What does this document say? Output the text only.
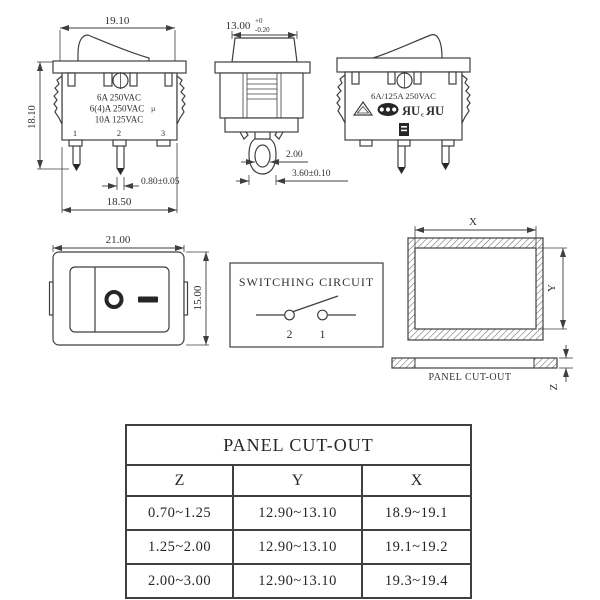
19.10
6A 250VAC
6(4)A 250VAC µ
10A 125VAC
1	2	3
18.10
0.80±0.05
18.50
13.00 +0
-0.20
2.00
3.60±0.10
6A/125A 250VAC
ЯU c ЯU
21.00
15.00
SWITCHING CIRCUIT
2 1
X
Y
PANEL CUT-OUT
Z
PANEL CUT-OUT		
Z	Y	X
0.70~1.25	12.90~13.10	18.9~19.1
1.25~2.00	12.90~13.10	19.1~19.2
2.00~3.00	12.90~13.10	19.3~19.4
